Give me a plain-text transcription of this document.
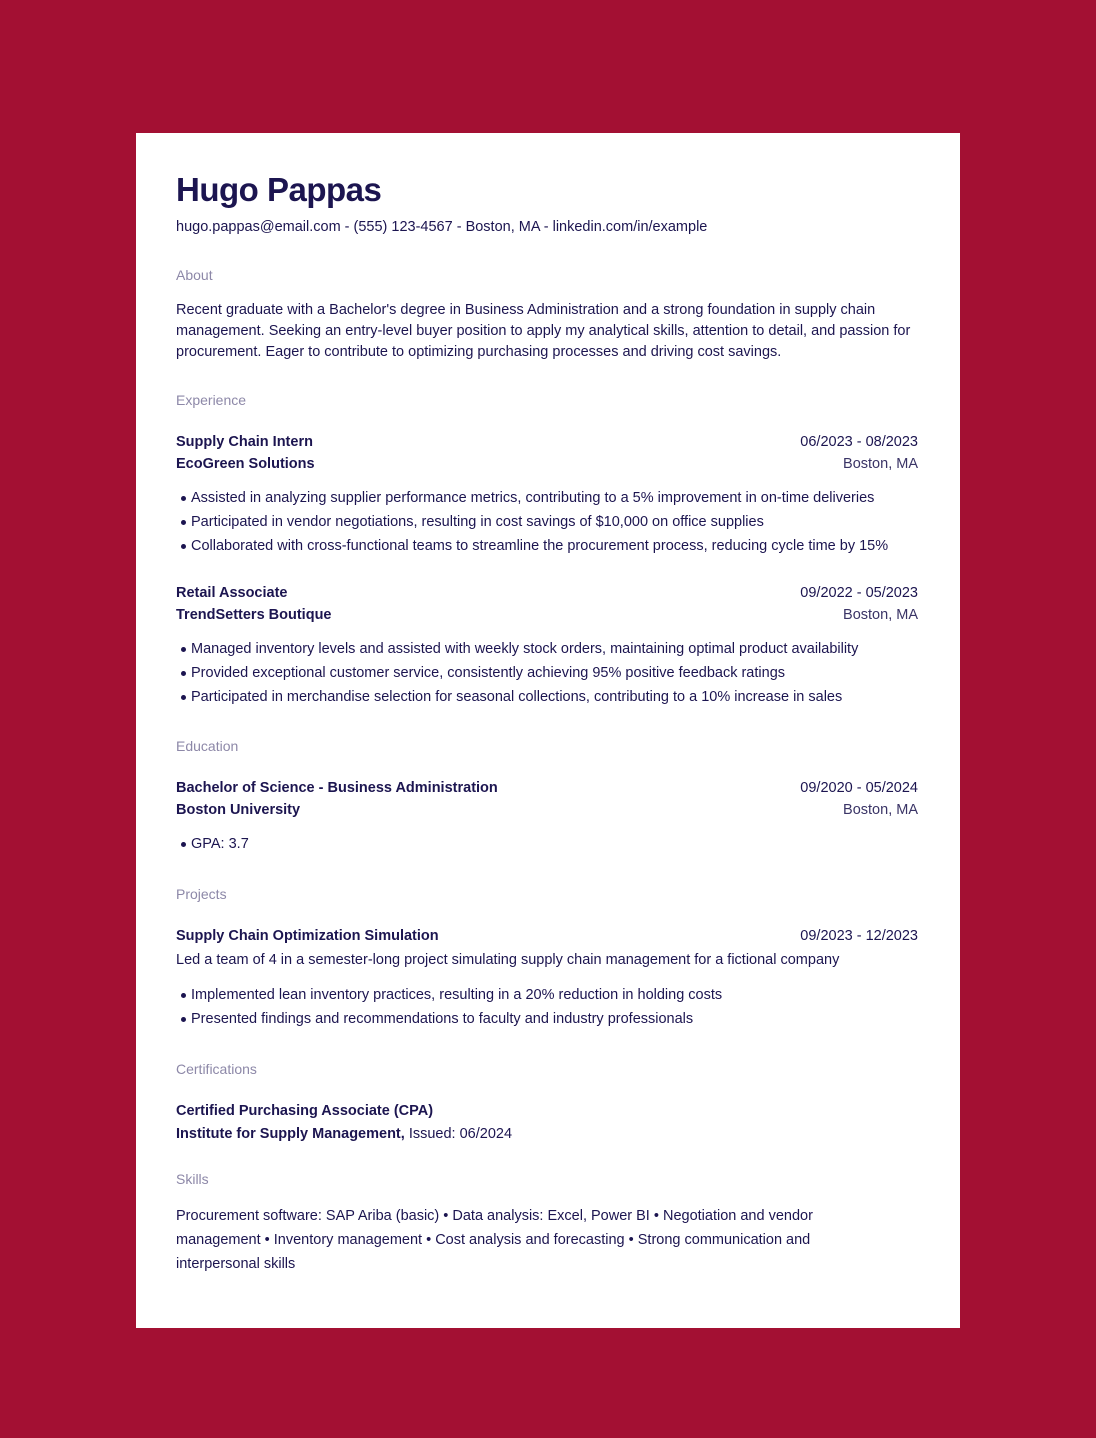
Hugo Pappas
hugo.pappas@email.com - (555) 123-4567 - Boston, MA - linkedin.com/in/example
About

Recent graduate with a Bachelor's degree in Business Administration and a strong foundation in supply chain management. Seeking an entry-level buyer position to apply my analytical skills, attention to detail, and passion for procurement. Eager to contribute to optimizing purchasing processes and driving cost savings.

Experience
Supply Chain Intern	06/2023 - 08/2023
EcoGreen Solutions	Boston, MA
Assisted in analyzing supplier performance metrics, contributing to a 5% improvement in on-time deliveries
Participated in vendor negotiations, resulting in cost savings of $10,000 on office supplies
Collaborated with cross-functional teams to streamline the procurement process, reducing cycle time by 15%
Retail Associate	09/2022 - 05/2023
TrendSetters Boutique	Boston, MA
Managed inventory levels and assisted with weekly stock orders, maintaining optimal product availability
Provided exceptional customer service, consistently achieving 95% positive feedback ratings
Participated in merchandise selection for seasonal collections, contributing to a 10% increase in sales
Education
Bachelor of Science - Business Administration	09/2020 - 05/2024
Boston University	Boston, MA
GPA: 3.7
Projects
Supply Chain Optimization Simulation	09/2023 - 12/2023
Led a team of 4 in a semester-long project simulating supply chain management for a fictional company
Implemented lean inventory practices, resulting in a 20% reduction in holding costs
Presented findings and recommendations to faculty and industry professionals
Certifications
Certified Purchasing Associate (CPA)
Institute for Supply Management, Issued: 06/2024
Skills

Procurement software: SAP Ariba (basic) • Data analysis: Excel, Power BI • Negotiation and vendor management • Inventory management • Cost analysis and forecasting • Strong communication and interpersonal skills
